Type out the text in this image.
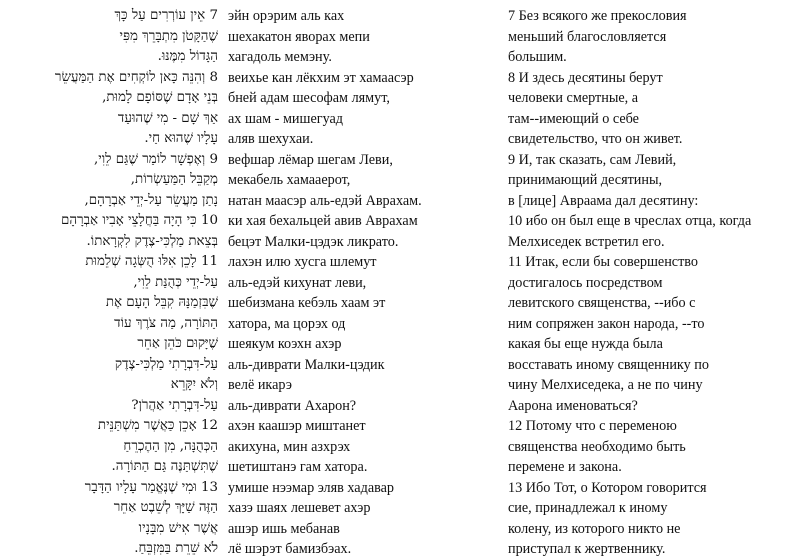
7 אֵין עוֹרְרִים עַל כָּךְ
שֶׁהַקָּטֹן מִתְבָּרֵךְ מִפִּי
הַגָּדוֹל מִמֶּנּוּ.
8 וְהִנֵּה כָּאן לוֹקְחִים אֶת הַמַּעֲשֵׂר
בְּנֵי אָדָם שֶׁסּוֹפָם לָמוּת,
אַךְ שָׁם - מִי שֶׁהוּעַד
עָלָיו שֶׁהוּא חַי.
9 וְאֶפְשָׁר לוֹמַר שֶׁגַּם לֵוִי,
מְקַבֵּל הַמַּעַשְׂרוֹת,
נָתַן מַעֲשֵׂר עַל-יְדֵי אַבְרָהָם,
10 כִּי הָיָה בַּחֲלָצֵי אָבִיו אַבְרָהָם
בְּצֵאת מַלְכִּי-צֶדֶק לִקְרָאתוֹ.
11 לָכֵן אִלּוּ הֻשְּׂגָה שְׁלֵמוּת
עַל-יְדֵי כְּהֻנַּת לֵוִי,
שֶׁבִּזְמַנָּהּ קִבֵּל הָעָם אֶת
הַתּוֹרָה, מַה צֹּרֶךְ עוֹד
שֶׁיָּקוּם כֹּהֵן אַחֵר
עַל-דִּבְרָתִי מַלְכִּי-צֶדֶק
וְלֹא יִקָּרֵא
עַל-דִּבְרָתִי אַהֲרֹן?
12 אָכֵן כַּאֲשֶׁר מִשְׁתַּנֵּית
הַכְּהֻנָּה, מִן הַהֶכְרֵחַ
שֶׁתִּשְׁתַּנֶּה גַּם הַתּוֹרָה.
13 וּמִי שֶׁנֶּאֱמַר עָלָיו הַדָּבָר
הַזֶּה שַׁיָּךְ לְשֵׁבֶט אַחֵר
אֲשֶׁר אִישׁ מִבָּנָיו
לֹא שֵׁרֵת בַּמִּזְבֵּחַ.
эйн орэрим аль ках
шехакатон явораx мепи
хагадоль мемэну.
веихье кан лёкхим эт хамаасэр
бней адам шесофам лямут,
ах шам - мишегуад
аляв шехухаи.
вефшар лёмар шегам Леви,
мекабель хамааерот,
натан маасэр аль-едэй Аврахам.
ки хая бехальцей авив Аврахам
бецэт Малки-цэдэк ликрато.
лахэн илю хусга шлемут
аль-едэй кихунат леви,
шебизмана кебэль хаам эт
хатора, ма цорэх од
шеякум коэхн ахэр
аль-диврати Малки-цэдик
велё икарэ
аль-диврати Ахарон?
ахэн каашэр миштанет
акихуна, мин азхрэх
шетиштанэ гам хатора.
умише нээмар эляв хадавар
хазэ шаях лешевет ахэр
ашэр ишь мебанав
лё шэрэт бамизбэах.
7 Без всякого же прекословия
меньший благословляется
большим.
8 И здесь десятины берут
человеки смертные, а
там--имеющий о себе
свидетельство, что он живет.
9 И, так сказать, сам Левий,
принимающий десятины,
в [лице] Авраама дал десятину:
10 ибо он был еще в чреслах отца, когда
Мелхиседек встретил его.
11 Итак, если бы совершенство
достигалось посредством
левитского священства, --ибо с
ним сопряжен закон народа, --то
какая бы еще нужда была
восставать иному священнику по
чину Мелхиседека, а не по чину
Аарона именоваться?
12 Потому что с переменою
священства необходимо быть
перемене и закона.
13 Ибо Тот, о Котором говорится
сие, принадлежал к иному
колену, из которого никто не
приступал к жертвеннику.
